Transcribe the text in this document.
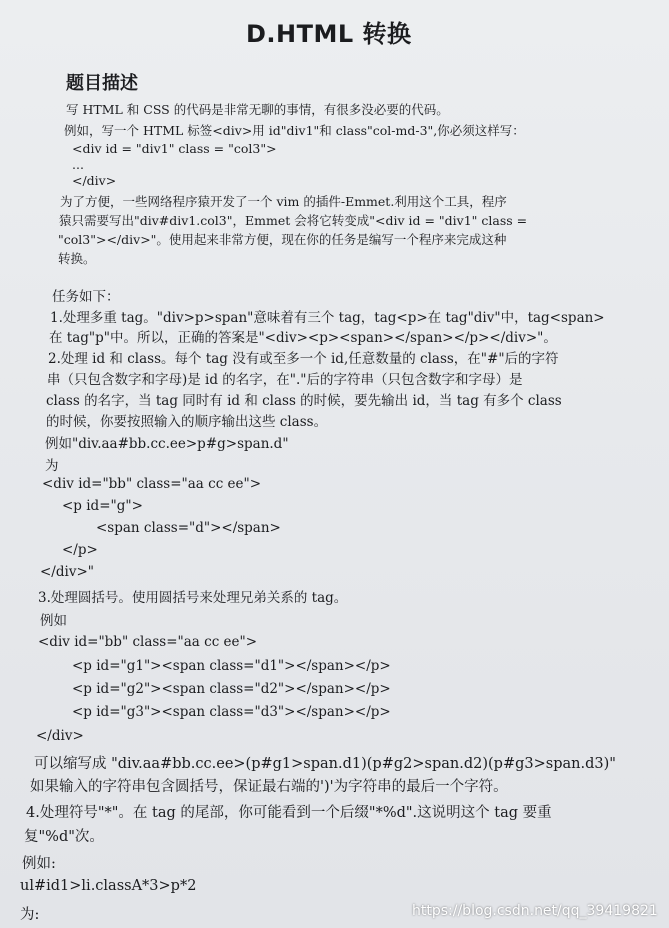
D.HTML 转换
题目描述
写 HTML 和 CSS 的代码是非常无聊的事情，有很多没必要的代码。
例如，写一个 HTML 标签<div>用 id"div1"和 class"col-md-3",你必须这样写：
<div id = "div1" class = "col3">
...
</div>
为了方便，一些网络程序猿开发了一个 vim 的插件-Emmet.利用这个工具，程序
猿只需要写出"div#div1.col3"，Emmet 会将它转变成"<div id = "div1" class =
"col3"></div>"。使用起来非常方便，现在你的任务是编写一个程序来完成这种
转换。
任务如下：
1.处理多重 tag。"div>p>span"意味着有三个 tag，tag<p>在 tag"div"中，tag<span>
在 tag"p"中。所以，正确的答案是"<div><p><span></span></p></div>"。
2.处理 id 和 class。每个 tag 没有或至多一个 id,任意数量的 class，在"#"后的字符
串（只包含数字和字母)是 id 的名字，在"."后的字符串（只包含数字和字母）是
class 的名字，当 tag 同时有 id 和 class 的时候，要先输出 id，当 tag 有多个 class
的时候，你要按照输入的顺序输出这些 class。
例如"div.aa#bb.cc.ee>p#g>span.d"
为
<div id="bb" class="aa cc ee">
<p id="g">
<span class="d"></span>
</p>
</div>"
3.处理圆括号。使用圆括号来处理兄弟关系的 tag。
例如
<div id="bb" class="aa cc ee">
<p id="g1"><span class="d1"></span></p>
<p id="g2"><span class="d2"></span></p>
<p id="g3"><span class="d3"></span></p>
</div>
可以缩写成 "div.aa#bb.cc.ee>(p#g1>span.d1)(p#g2>span.d2)(p#g3>span.d3)"
如果输入的字符串包含圆括号，保证最右端的')'为字符串的最后一个字符。
4.处理符号"*"。在 tag 的尾部，你可能看到一个后缀"*%d".这说明这个 tag 要重
复"%d"次。
例如:
ul#id1>li.classA*3>p*2
为:	https://blog.csdn.net/qq_39419821
